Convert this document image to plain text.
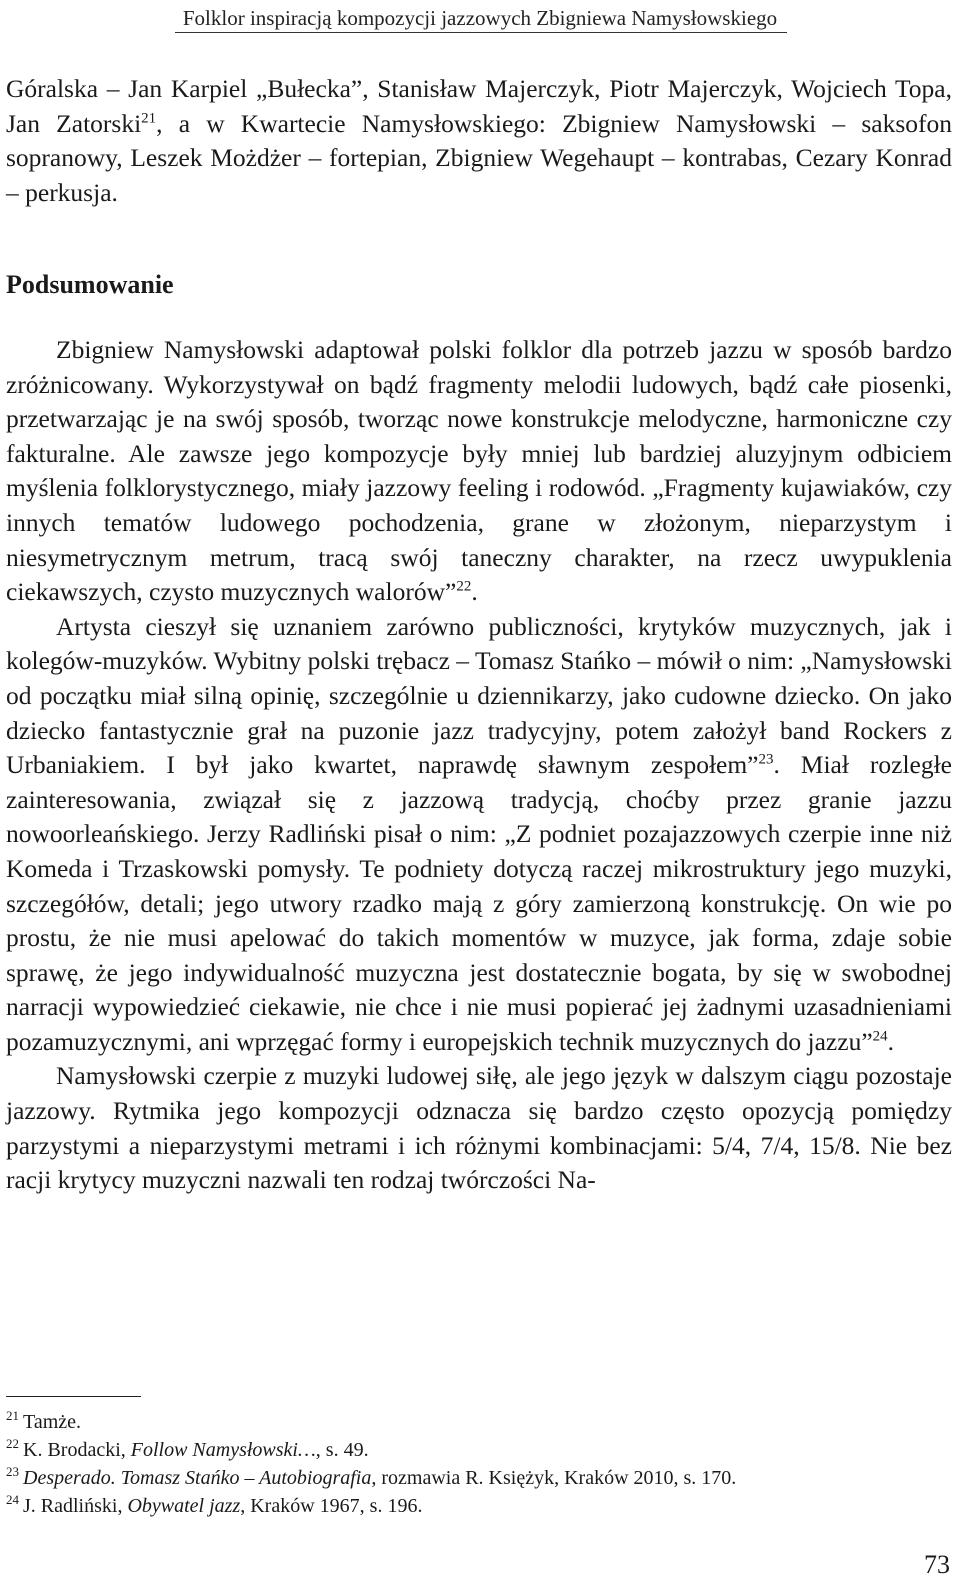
Folklor inspiracją kompozycji jazzowych Zbigniewa Namysłowskiego

Góralska – Jan Karpiel „Bułecka”, Stanisław Majerczyk, Piotr Majerczyk, Wojciech Topa, Jan Zatorski$^{21}$, a w Kwartecie Namysłowskiego: Zbigniew Namysłowski – saksofon sopranowy, Leszek Możdżer – fortepian, Zbigniew Wegehaupt – kontrabas, Cezary Konrad – perkusja.

Podsumowanie

Zbigniew Namysłowski adaptował polski folklor dla potrzeb jazzu w sposób bardzo zróżnicowany. Wykorzystywał on bądź fragmenty melodii ludowych, bądź całe piosenki, przetwarzając je na swój sposób, tworząc nowe konstrukcje melodyczne, harmoniczne czy fakturalne. Ale zawsze jego kompozycje były mniej lub bardziej aluzyjnym odbiciem myślenia folklorystycznego, miały jazzowy feeling i rodowód. „Fragmenty kujawiaków, czy innych tematów ludowego pochodzenia, grane w złożonym, nieparzystym i niesymetrycznym metrum, tracą swój taneczny charakter, na rzecz uwypuklenia ciekawszych, czysto muzycznych walorów”$^{22}$.

Artysta cieszył się uznaniem zarówno publiczności, krytyków muzycznych, jak i kolegów-muzyków. Wybitny polski trębacz – Tomasz Stańko – mówił o nim: „Namysłowski od początku miał silną opinię, szczególnie u dziennikarzy, jako cudowne dziecko. On jako dziecko fantastycznie grał na puzonie jazz tradycyjny, potem założył band Rockers z Urbaniakiem. I był jako kwartet, naprawdę sławnym zespołem”$^{23}$. Miał rozległe zainteresowania, związał się z jazzową tradycją, choćby przez granie jazzu nowoorleańskiego. Jerzy Radliński pisał o nim: „Z podniet pozajazzowych czerpie inne niż Komeda i Trzaskowski pomysły. Te podniety dotyczą raczej mikrostruktury jego muzyki, szczegółów, detali; jego utwory rzadko mają z góry zamierzoną konstrukcję. On wie po prostu, że nie musi apelować do takich momentów w muzyce, jak forma, zdaje sobie sprawę, że jego indywidualność muzyczna jest dostatecznie bogata, by się w swobodnej narracji wypowiedzieć ciekawie, nie chce i nie musi popierać jej żadnymi uzasadnieniami pozamuzycznymi, ani wprzęgać formy i europejskich technik muzycznych do jazzu”$^{24}$.

Namysłowski czerpie z muzyki ludowej siłę, ale jego język w dalszym ciągu pozostaje jazzowy. Rytmika jego kompozycji odznacza się bardzo często opozycją pomiędzy parzystymi a nieparzystymi metrami i ich różnymi kombinacjami: 5/4, 7/4, 15/8. Nie bez racji krytycy muzyczni nazwali ten rodzaj twórczości Na-

$^{21}$ Tamże.
$^{22}$ K. Brodacki, Follow Namysłowski…, s. 49.
$^{23}$ Desperado. Tomasz Stańko – Autobiografia, rozmawia R. Księżyk, Kraków 2010, s. 170.
$^{24}$ J. Radliński, Obywatel jazz, Kraków 1967, s. 196.
73
